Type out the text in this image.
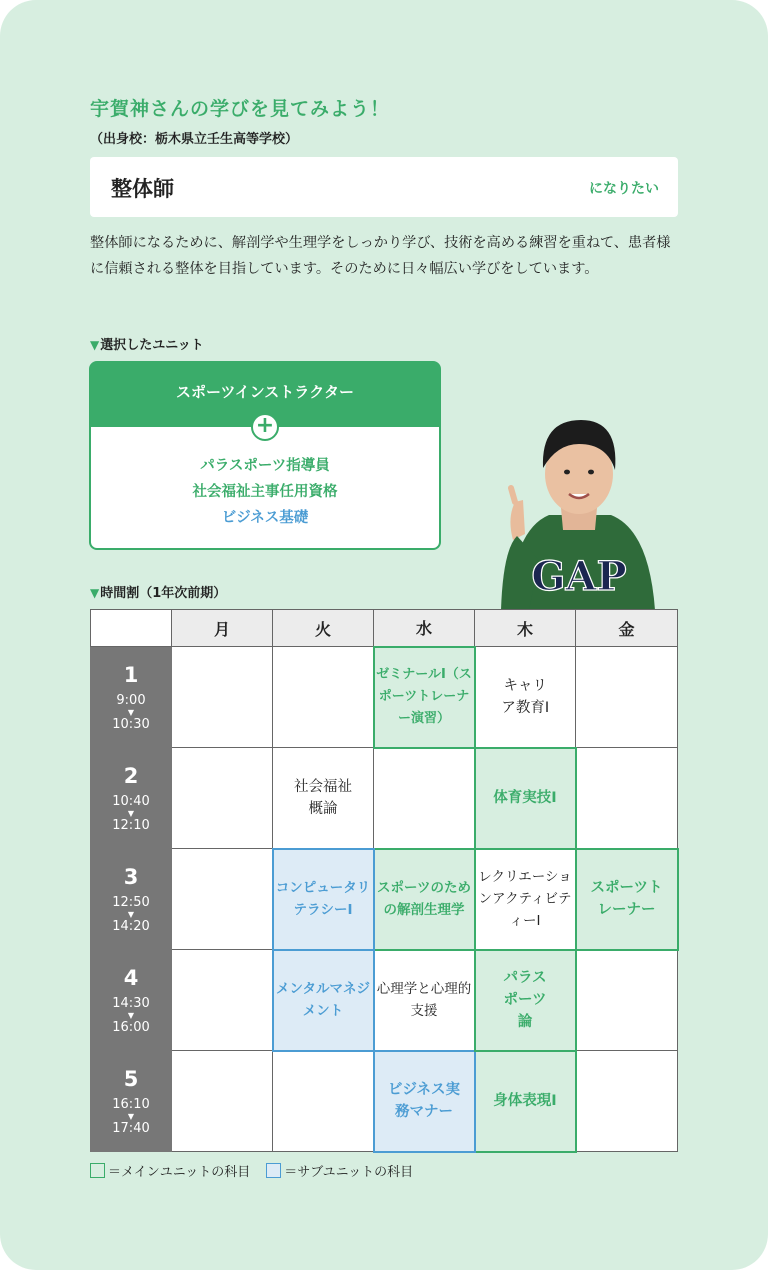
宇賀神さんの学びを見てみよう！
（出身校：栃木県立壬生高等学校）
整体師	になりたい
整体師になるために、解剖学や生理学をしっかり学び、技術を高める練習を重ねて、患者様に信頼される整体を目指しています。そのために日々幅広い学びをしています。
▼選択したユニット
スポーツインストラクター
パラスポーツ指導員
社会福祉主事任用資格
ビジネス基礎
+
GAP
▼時間割（1年次前期）
	月	火	水	木	金

1
9:00
▼
10:30			ゼミナールⅠ（スポーツトレーナー演習）	キャリア教育Ⅰ	

2
10:40
▼
12:10		社会福祉概論		体育実技Ⅰ	

3
12:50
▼
14:20		コンピュータリテラシーⅠ	スポーツのための解剖生理学	レクリエーションアクティビティーⅠ	スポーツトレーナー

4
14:30
▼
16:00		メンタルマネジメント	心理学と心理的支援	パラスポーツ論	

5
16:10
▼
17:40			ビジネス実務マナー	身体表現Ⅰ	
＝メインユニットの科目	＝サブユニットの科目
